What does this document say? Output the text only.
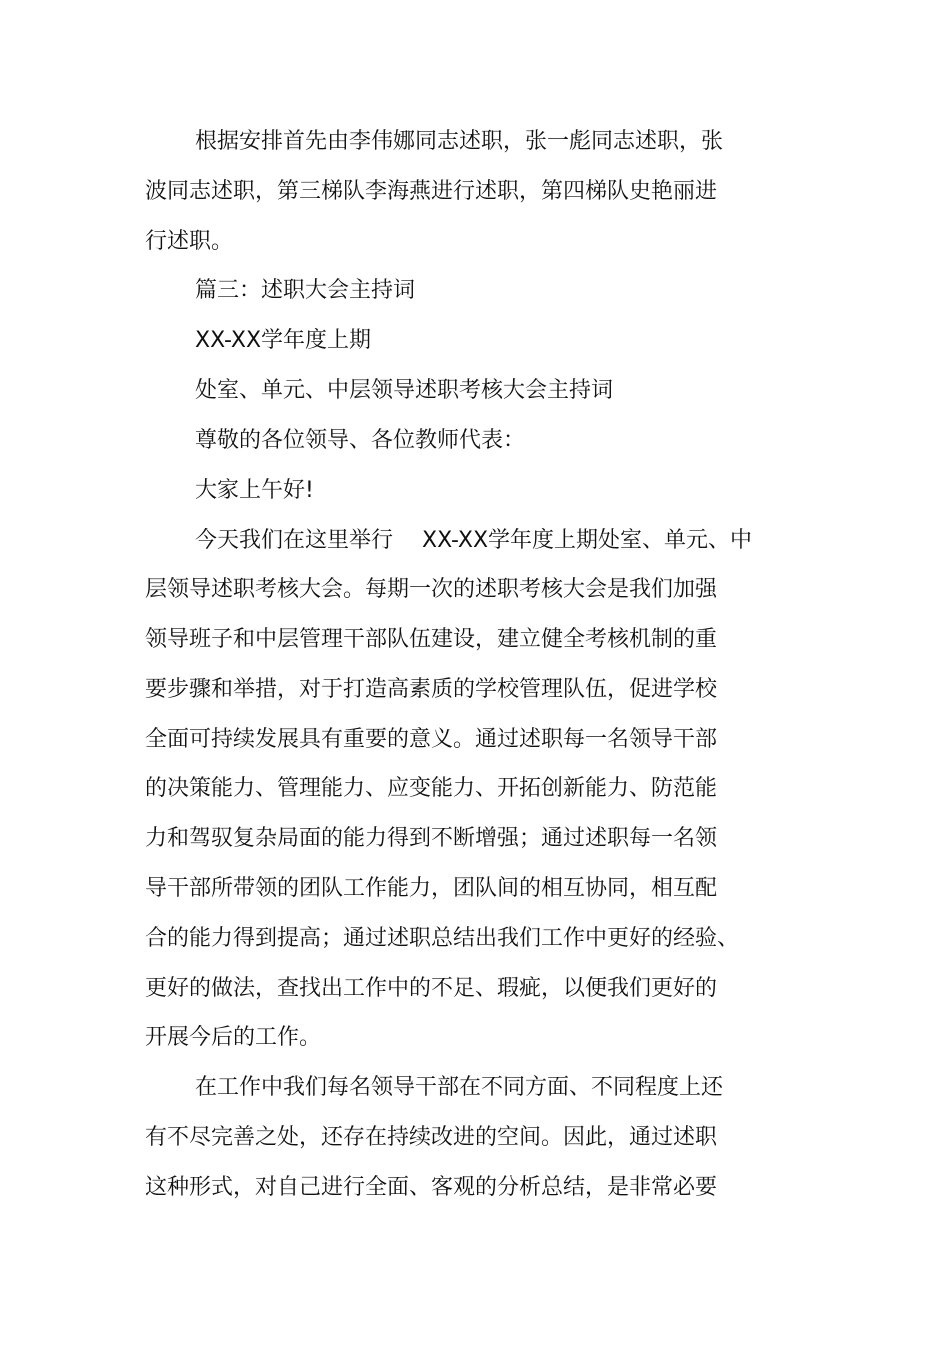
根据安排首先由李伟娜同志述职，张一彪同志述职，张

波同志述职，第三梯队李海燕进行述职，第四梯队史艳丽进

行述职。

篇三：述职大会主持词

XX-XX学年度上期

处室、单元、中层领导述职考核大会主持词

尊敬的各位领导、各位教师代表：

大家上午好!

今天我们在这里举行　 XX-XX学年度上期处室、单元、中

层领导述职考核大会。每期一次的述职考核大会是我们加强

领导班子和中层管理干部队伍建设，建立健全考核机制的重

要步骤和举措，对于打造高素质的学校管理队伍，促进学校

全面可持续发展具有重要的意义。通过述职每一名领导干部

的决策能力、管理能力、应变能力、开拓创新能力、防范能

力和驾驭复杂局面的能力得到不断增强；通过述职每一名领

导干部所带领的团队工作能力，团队间的相互协同，相互配

合的能力得到提高；通过述职总结出我们工作中更好的经验、

更好的做法，查找出工作中的不足、瑕疵，以便我们更好的

开展今后的工作。

在工作中我们每名领导干部在不同方面、不同程度上还

有不尽完善之处，还存在持续改进的空间。因此，通过述职

这种形式，对自己进行全面、客观的分析总结，是非常必要
